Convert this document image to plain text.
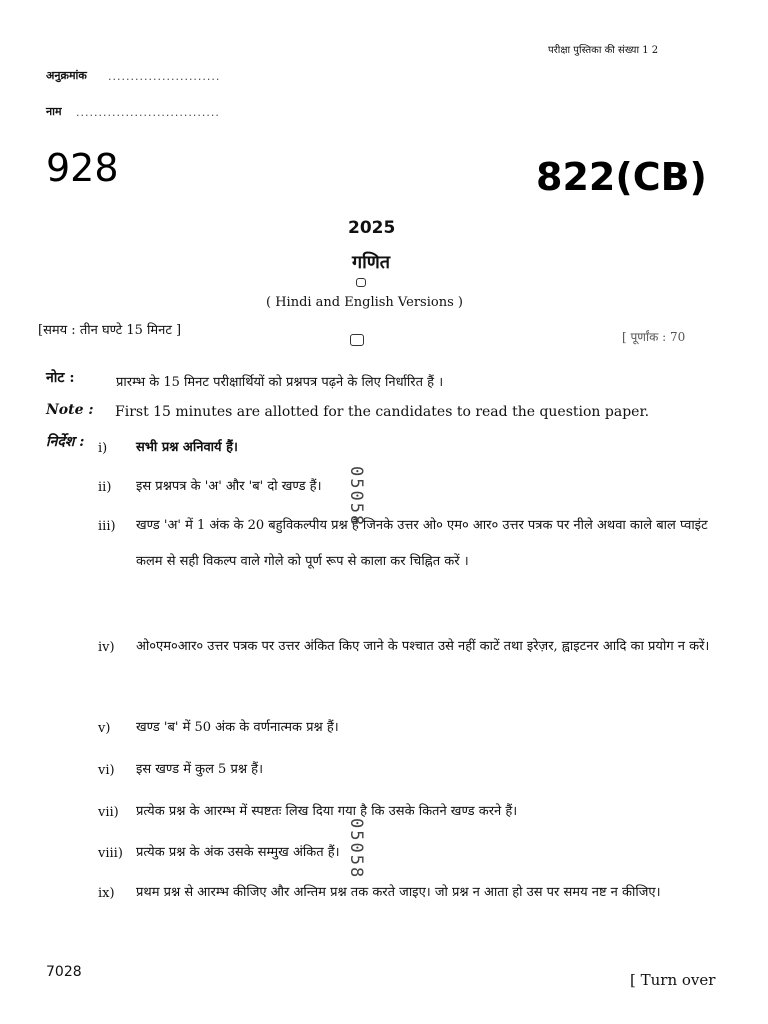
परीक्षा पुस्तिका की संख्या 1 2
अनुक्रमांक .........................
नाम ................................
928	822(CB)
2025
गणित
( Hindi and English Versions )
[समय : तीन घण्टे 15 मिनट ]	[ पूर्णांक : 70
नोट :	प्रारम्भ के 15 मिनट परीक्षार्थियों को प्रश्नपत्र पढ़ने के लिए निर्धारित हैं ।
Note : First 15 minutes are allotted for the candidates to read the question paper.
निर्देश : i) सभी प्रश्न अनिवार्य हैं।
ii) इस प्रश्नपत्र के 'अ' और 'ब' दो खण्ड हैं।
iii) खण्ड 'अ' में 1 अंक के 20 बहुविकल्पीय प्रश्न हैं जिनके उत्तर ओ० एम० आर० उत्तर पत्रक पर नीले अथवा काले बाल प्वाइंट कलम से सही विकल्प वाले गोले को पूर्ण रूप से काला कर चिह्नित करें ।
iv) ओ०एम०आर० उत्तर पत्रक पर उत्तर अंकित किए जाने के पश्चात उसे नहीं काटें तथा इरेज़र, ह्वाइटनर आदि का प्रयोग न करें।
v) खण्ड 'ब' में 50 अंक के वर्णनात्मक प्रश्न हैं।
vi) इस खण्ड में कुल 5 प्रश्न हैं।
vii) प्रत्येक प्रश्न के आरम्भ में स्पष्टतः लिख दिया गया है कि उसके कितने खण्ड करने हैं।
viii) प्रत्येक प्रश्न के अंक उसके सम्मुख अंकित हैं।
ix) प्रथम प्रश्न से आरम्भ कीजिए और अन्तिम प्रश्न तक करते जाइए। जो प्रश्न न आता हो उस पर समय नष्ट न कीजिए।
05058
05058
7028	[ Turn over
